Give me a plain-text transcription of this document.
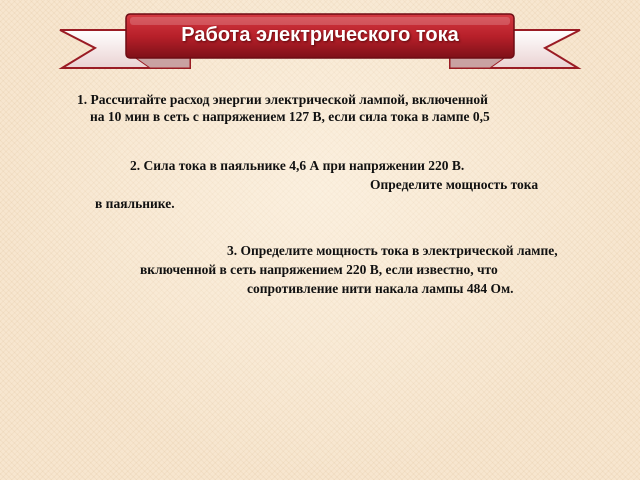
Работа электрического тока

1. Рассчитайте расход энергии электрической лампой, включенной

на 10 мин в сеть с напряжением 127 В, если сила тока в лампе 0,5

2. Сила тока в паяльнике 4,6 А при напряжении 220 В.

Определите мощность тока

в паяльнике.

3. Определите мощность тока в электрической лампе,

включенной в сеть напряжением 220 В, если известно, что

сопротивление нити накала лампы 484 Ом.
